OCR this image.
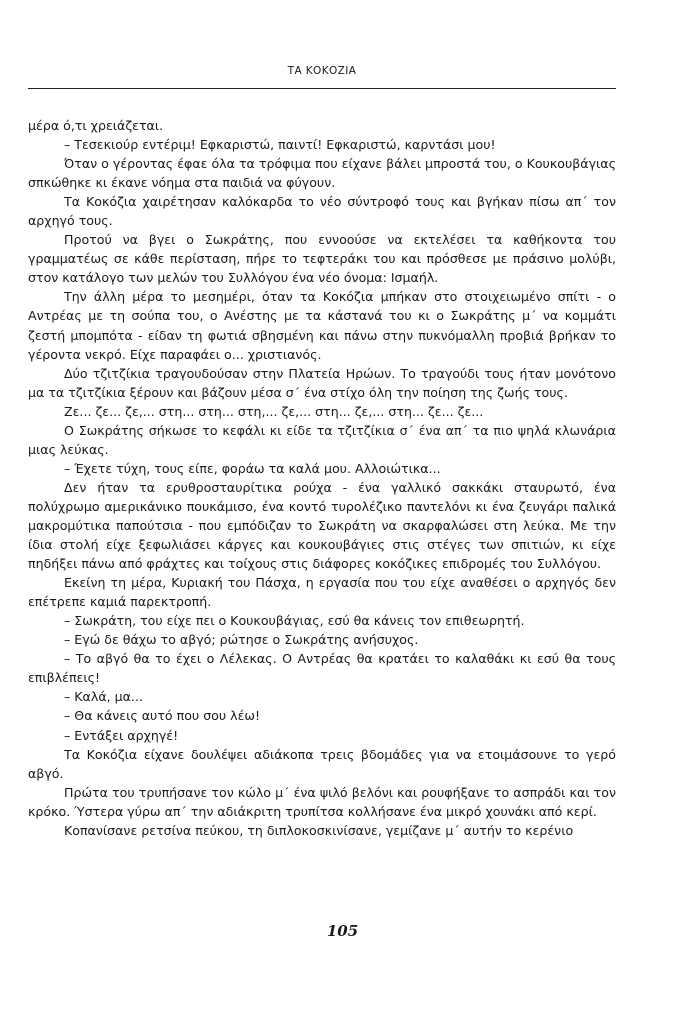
ΤΑ ΚΟΚΟΖΙΑ

μέρα ό,τι χρειάζεται.

– Τεσεκιούρ εντέριμ! Εφκαριστώ, παιντί! Εφκαριστώ, καρντάσι μου!

Όταν ο γέροντας έφαε όλα τα τρόφιμα που είχανε βάλει μπροστά του, ο Κουκουβάγιας σπκώθηκε κι έκανε νόημα στα παιδιά να φύγουν.

Τα Κοκόζια χαιρέτησαν καλόκαρδα το νέο σύντροφό τους και βγήκαν πίσω απ΄ τον αρχηγό τους.

Προτού να βγει ο Σωκράτης, που εννοούσε να εκτελέσει τα καθήκοντα του γραμματέως σε κάθε περίσταση, πήρε το τεφτεράκι του και πρόσθεσε με πράσινο μολύβι, στον κατάλογο των μελών του Συλλόγου ένα νέο όνομα: Ισμαήλ.

Την άλλη μέρα το μεσημέρι, όταν τα Κοκόζια μπήκαν στο στοιχειωμένο σπίτι - ο Αντρέας με τη σούπα του, ο Ανέστης με τα κάστανά του κι ο Σωκράτης μ΄ να κομμάτι ζεστή μπομπότα - είδαν τη φωτιά σβησμένη και πάνω στην πυκνόμαλλη προβιά βρήκαν το γέροντα νεκρό. Είχε παραφάει ο... χριστιανός.

Δύο τζιτζίκια τραγουδούσαν στην Πλατεία Ηρώων. Το τραγούδι τους ήταν μονότονο μα τα τζιτζίκια ξέρουν και βάζουν μέσα σ΄ ένα στίχο όλη την ποίηση της ζωής τους.

Ζε... ζε... ζε,... στη... στη... στη,... ζε,... στη... ζε,... στη... ζε... ζε...

Ο Σωκράτης σήκωσε το κεφάλι κι είδε τα τζιτζίκια σ΄ ένα απ΄ τα πιο ψηλά κλωνάρια μιας λεύκας.

– Έχετε τύχη, τους είπε, φοράω τα καλά μου. Αλλοιώτικα...

Δεν ήταν τα ερυθροσταυρίτικα ρούχα - ένα γαλλικό σακκάκι σταυρωτό, ένα πολύχρωμο αμερικάνικο πουκάμισο, ένα κοντό τυρολέζικο παντελόνι κι ένα ζευγάρι παλικά μακρομύτικα παπούτσια - που εμπόδιζαν το Σωκράτη να σκαρφαλώσει στη λεύκα. Με την ίδια στολή είχε ξεφωλιάσει κάργες και κουκουβάγιες στις στέγες των σπιτιών, κι είχε πηδήξει πάνω από φράχτες και τοίχους στις διάφορες κοκόζικες επιδρομές του Συλλόγου.

Εκείνη τη μέρα, Κυριακή του Πάσχα, η εργασία που του είχε αναθέσει ο αρχηγός δεν επέτρεπε καμιά παρεκτροπή.

– Σωκράτη, του είχε πει ο Κουκουβάγιας, εσύ θα κάνεις τον επιθεωρητή.

– Εγώ δε θάχω το αβγό; ρώτησε ο Σωκράτης ανήσυχος.

– Το αβγό θα το έχει ο Λέλεκας. Ο Αντρέας θα κρατάει το καλαθάκι κι εσύ θα τους επιβλέπεις!

– Καλά, μα...

– Θα κάνεις αυτό που σου λέω!

– Εντάξει αρχηγέ!

Τα Κοκόζια είχανε δουλέψει αδιάκοπα τρεις βδομάδες για να ετοιμάσουνε το γερό αβγό.

Πρώτα του τρυπήσανε τον κώλο μ΄ ένα ψιλό βελόνι και ρουφήξανε το ασπράδι και τον κρόκο. Ύστερα γύρω απ΄ την αδιάκριτη τρυπίτσα κολλήσανε ένα μικρό χουνάκι από κερί.

Κοπανίσανε ρετσίνα πεύκου, τη διπλοκοσκινίσανε, γεμίζανε μ΄ αυτήν το κερένιο

105
